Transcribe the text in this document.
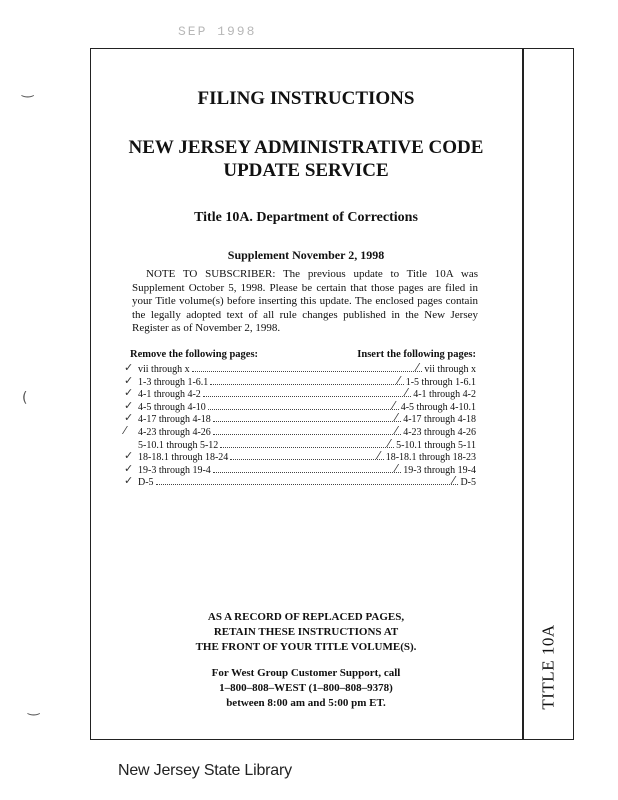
SEP 1998
‿
(
‿	TITLE 10A
FILING INSTRUCTIONS
NEW JERSEY ADMINISTRATIVE CODE
UPDATE SERVICE
Title 10A. Department of Corrections
Supplement November 2, 1998

NOTE TO SUBSCRIBER: The previous update to Title 10A was Supplement October 5, 1998. Please be certain that those pages are filed in your Title volume(s) before inserting this update. The enclosed pages contain the legally adopted text of all rule changes published in the New Jersey Register as of November 2, 1998.

Remove the following pages:	Insert the following pages:
✓ vii through x	⁄ vii through x
✓ 1-3 through 1-6.1	⁄ 1-5 through 1-6.1
✓ 4-1 through 4-2	⁄ 4-1 through 4-2
✓ 4-5 through 4-10	⁄ 4-5 through 4-10.1
✓ 4-17 through 4-18	⁄ 4-17 through 4-18
⁄ 4-23 through 4-26	⁄ 4-23 through 4-26
5-10.1 through 5-12	⁄ 5-10.1 through 5-11
✓ 18-18.1 through 18-24	⁄ 18-18.1 through 18-23
✓ 19-3 through 19-4	⁄ 19-3 through 19-4
✓ D-5	⁄ D-5
AS A RECORD OF REPLACED PAGES,
RETAIN THESE INSTRUCTIONS AT
THE FRONT OF YOUR TITLE VOLUME(S).
For West Group Customer Support, call
1–800–808–WEST (1–800–808–9378)
between 8:00 am and 5:00 pm ET.
New Jersey State Library
